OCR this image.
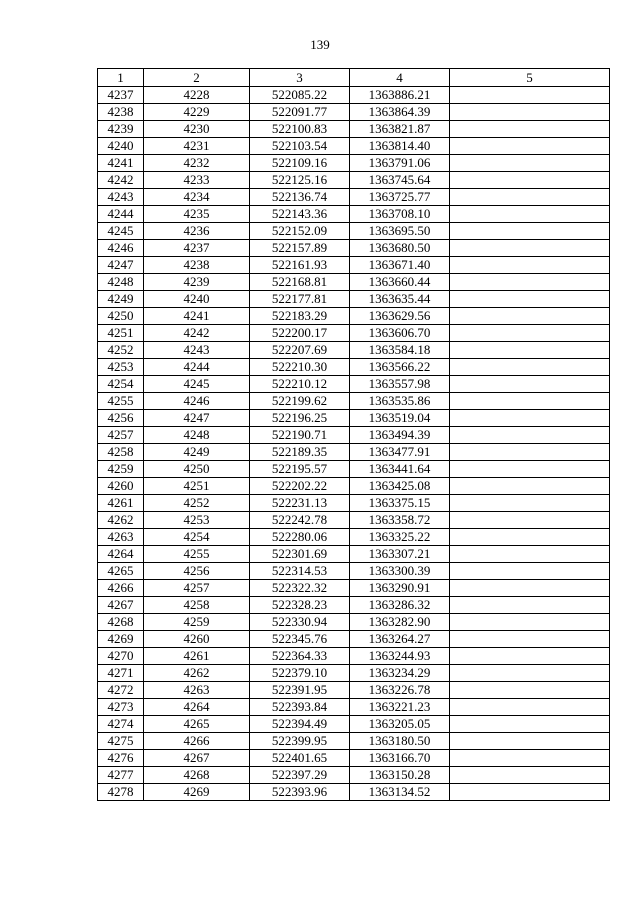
139
1	2	3	4	5
4237	4228	522085.22	1363886.21	
4238	4229	522091.77	1363864.39	
4239	4230	522100.83	1363821.87	
4240	4231	522103.54	1363814.40	
4241	4232	522109.16	1363791.06	
4242	4233	522125.16	1363745.64	
4243	4234	522136.74	1363725.77	
4244	4235	522143.36	1363708.10	
4245	4236	522152.09	1363695.50	
4246	4237	522157.89	1363680.50	
4247	4238	522161.93	1363671.40	
4248	4239	522168.81	1363660.44	
4249	4240	522177.81	1363635.44	
4250	4241	522183.29	1363629.56	
4251	4242	522200.17	1363606.70	
4252	4243	522207.69	1363584.18	
4253	4244	522210.30	1363566.22	
4254	4245	522210.12	1363557.98	
4255	4246	522199.62	1363535.86	
4256	4247	522196.25	1363519.04	
4257	4248	522190.71	1363494.39	
4258	4249	522189.35	1363477.91	
4259	4250	522195.57	1363441.64	
4260	4251	522202.22	1363425.08	
4261	4252	522231.13	1363375.15	
4262	4253	522242.78	1363358.72	
4263	4254	522280.06	1363325.22	
4264	4255	522301.69	1363307.21	
4265	4256	522314.53	1363300.39	
4266	4257	522322.32	1363290.91	
4267	4258	522328.23	1363286.32	
4268	4259	522330.94	1363282.90	
4269	4260	522345.76	1363264.27	
4270	4261	522364.33	1363244.93	
4271	4262	522379.10	1363234.29	
4272	4263	522391.95	1363226.78	
4273	4264	522393.84	1363221.23	
4274	4265	522394.49	1363205.05	
4275	4266	522399.95	1363180.50	
4276	4267	522401.65	1363166.70	
4277	4268	522397.29	1363150.28	
4278	4269	522393.96	1363134.52	
